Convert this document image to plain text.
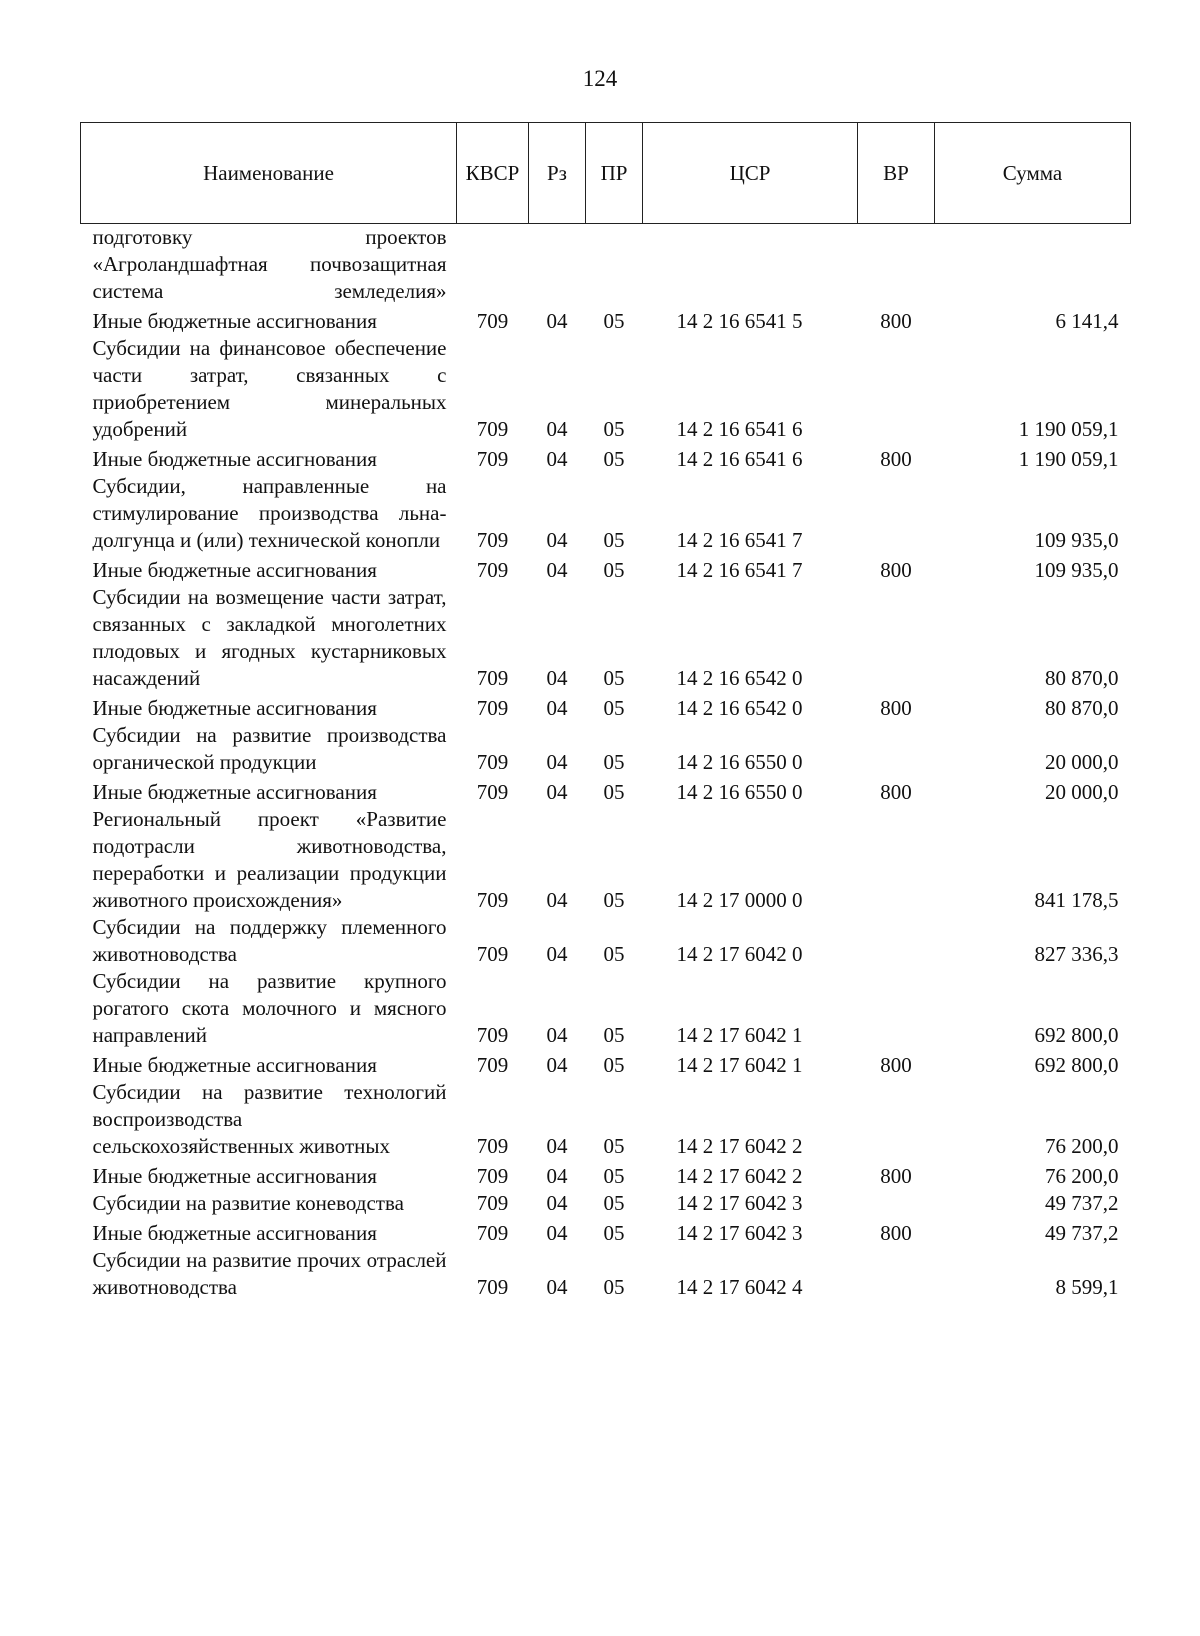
124
Наименование	КВСР	Рз	ПР	ЦСР	ВР	Сумма
подготовку проектов «Агроландшафтная почвозащитная система земледелия»						
Иные бюджетные ассигнования	709	04	05	14 2 16 6541 5	800	6 141,4
Субсидии на финансовое обеспечение части затрат, связанных с приобретением минеральных удобрений	709	04	05	14 2 16 6541 6		1 190 059,1
Иные бюджетные ассигнования	709	04	05	14 2 16 6541 6	800	1 190 059,1
Субсидии, направленные на стимулирование производства льна-долгунца и (или) технической конопли	709	04	05	14 2 16 6541 7		109 935,0
Иные бюджетные ассигнования	709	04	05	14 2 16 6541 7	800	109 935,0
Субсидии на возмещение части затрат, связанных с закладкой многолетних плодовых и ягодных кустарниковых насаждений	709	04	05	14 2 16 6542 0		80 870,0
Иные бюджетные ассигнования	709	04	05	14 2 16 6542 0	800	80 870,0
Субсидии на развитие производства органической продукции	709	04	05	14 2 16 6550 0		20 000,0
Иные бюджетные ассигнования	709	04	05	14 2 16 6550 0	800	20 000,0
Региональный проект «Развитие подотрасли животноводства, переработки и реализации продукции животного происхождения»	709	04	05	14 2 17 0000 0		841 178,5
Субсидии на поддержку племенного животноводства	709	04	05	14 2 17 6042 0		827 336,3
Субсидии на развитие крупного рогатого скота молочного и мясного направлений	709	04	05	14 2 17 6042 1		692 800,0
Иные бюджетные ассигнования	709	04	05	14 2 17 6042 1	800	692 800,0
Субсидии на развитие технологий воспроизводства сельскохозяйственных животных	709	04	05	14 2 17 6042 2		76 200,0
Иные бюджетные ассигнования	709	04	05	14 2 17 6042 2	800	76 200,0
Субсидии на развитие коневодства	709	04	05	14 2 17 6042 3		49 737,2
Иные бюджетные ассигнования	709	04	05	14 2 17 6042 3	800	49 737,2
Субсидии на развитие прочих отраслей животноводства	709	04	05	14 2 17 6042 4		8 599,1
